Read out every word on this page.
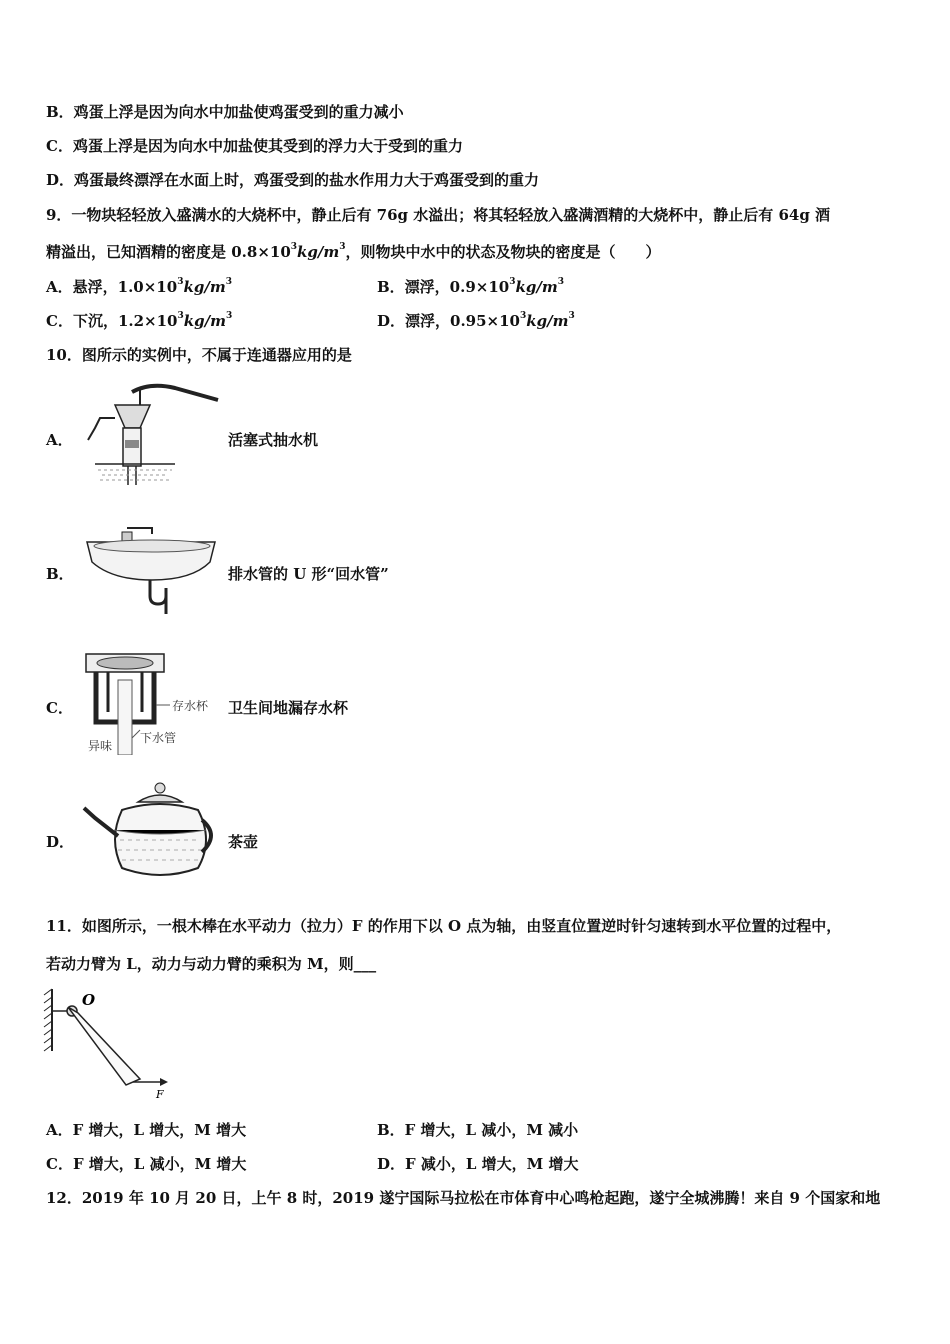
B．鸡蛋上浮是因为向水中加盐使鸡蛋受到的重力减小
C．鸡蛋上浮是因为向水中加盐使其受到的浮力大于受到的重力
D．鸡蛋最终漂浮在水面上时，鸡蛋受到的盐水作用力大于鸡蛋受到的重力
9．一物块轻轻放入盛满水的大烧杯中，静止后有 76g 水溢出；将其轻轻放入盛满酒精的大烧杯中，静止后有 64g 酒
精溢出，已知酒精的密度是 $0.8\times 10^3kg/m^3$，则物块中水中的状态及物块的密度是（　　）
A．悬浮，$1.0\times 10^3kg/m^3$	B．漂浮，$0.9\times 10^3kg/m^3$
C．下沉，$1.2\times 10^3kg/m^3$	D．漂浮，$0.95\times 10^3kg/m^3$
10．图所示的实例中，不属于连通器应用的是
A．	活塞式抽水机
B．	排水管的 U 形“回水管”
C．	存水杯
异味
下水管
卫生间地漏存水杯
D．	茶壶
11．如图所示，一根木棒在水平动力（拉力）F 的作用下以 O 点为轴，由竖直位置逆时针匀速转到水平位置的过程中，
若动力臂为 L，动力与动力臂的乘积为 M，则___
O
F
A．F 增大，L 增大，M 增大	B．F 增大，L 减小，M 减小
C．F 增大，L 减小，M 增大	D．F 减小，L 增大，M 增大
12．2019 年 10 月 20 日，上午 8 时，2019 遂宁国际马拉松在市体育中心鸣枪起跑，遂宁全城沸腾！来自 9 个国家和地
